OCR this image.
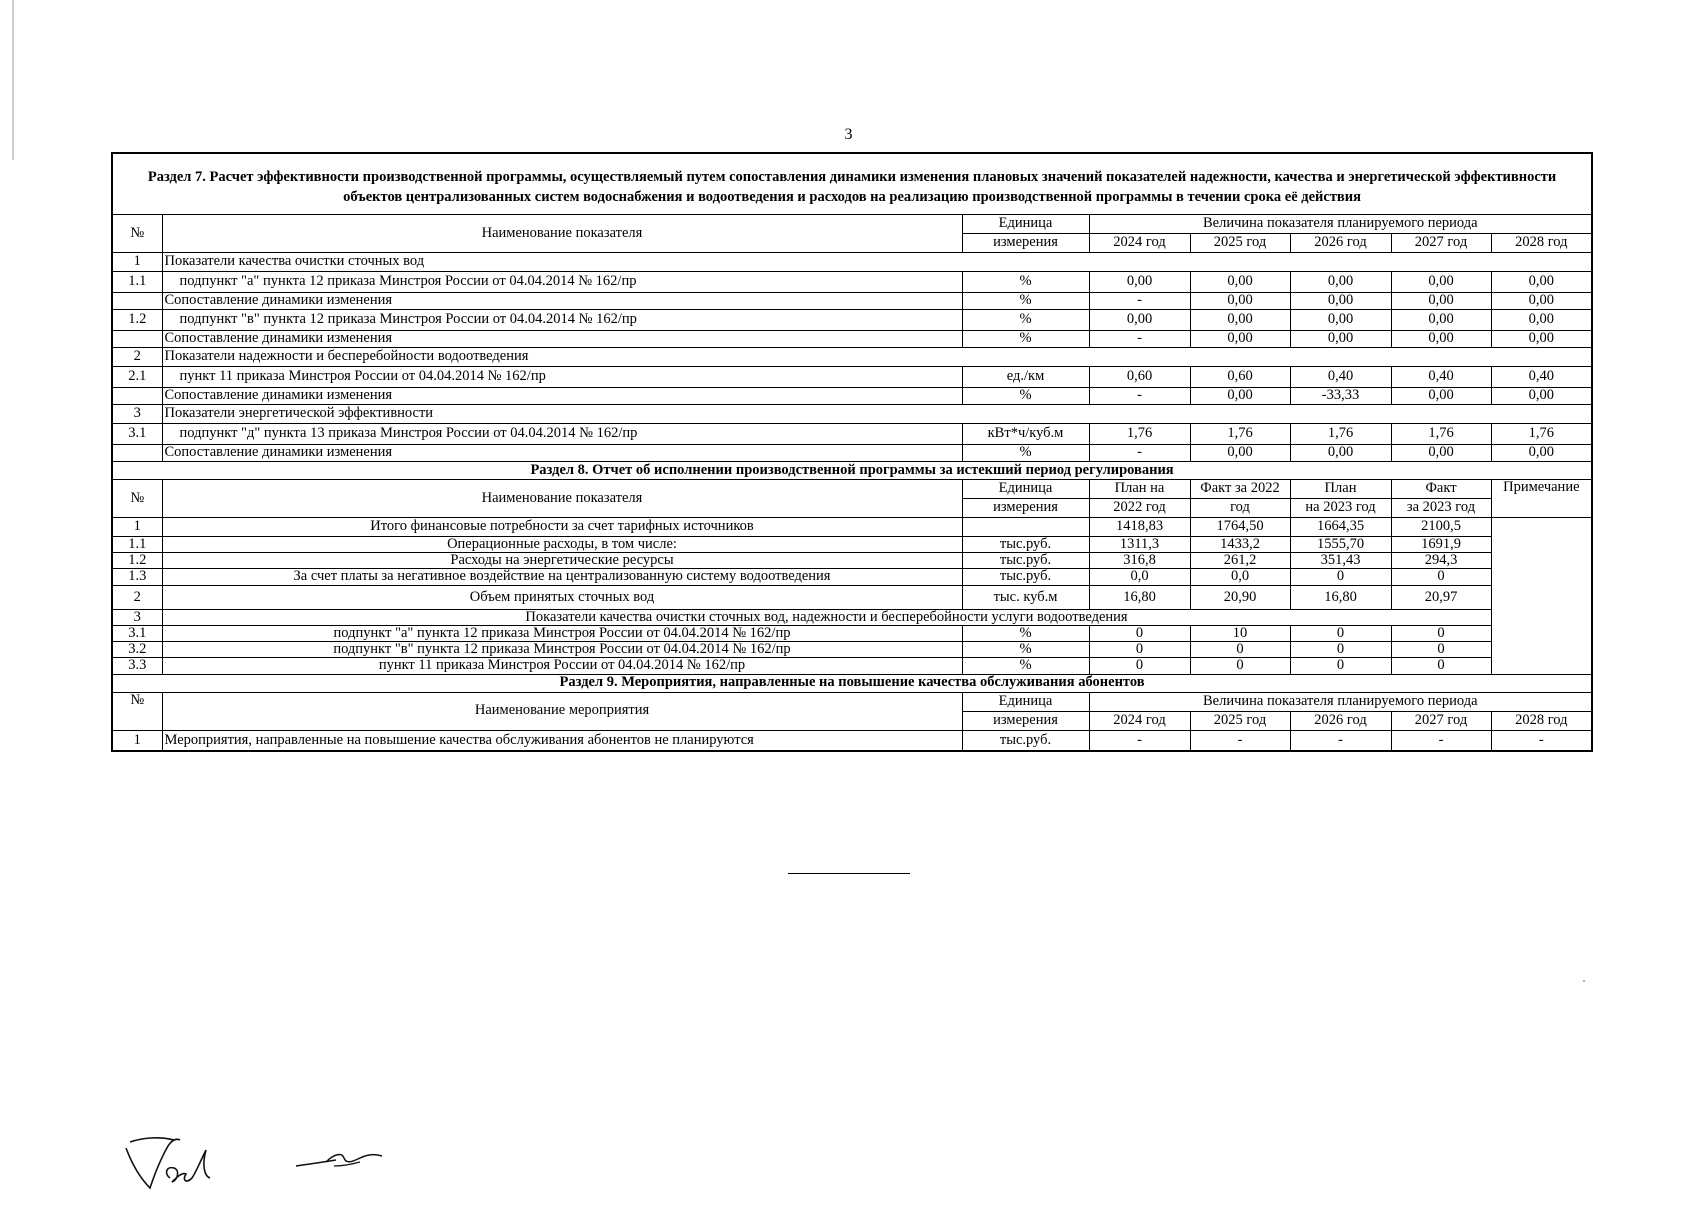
3
Раздел 7. Расчет эффективности производственной программы, осуществляемый путем сопоставления динамики изменения плановых значений показателей надежности, качества и энергетической эффективности объектов централизованных систем водоснабжения и водоотведения и расходов на реализацию производственной программы в течении срока её действия							
№	Наименование показателя	Единица	Величина показателя планируемого периода				
		измерения	2024 год	2025 год	2026 год	2027 год	2028 год
1	Показатели качества очистки сточных вод						
1.1	подпункт "а" пункта 12 приказа Минстроя России от 04.04.2014 № 162/пр	%	0,00	0,00	0,00	0,00	0,00
	Сопоставление динамики изменения	%	-	0,00	0,00	0,00	0,00
1.2	подпункт "в" пункта 12 приказа Минстроя России от 04.04.2014 № 162/пр	%	0,00	0,00	0,00	0,00	0,00
	Сопоставление динамики изменения	%	-	0,00	0,00	0,00	0,00
2	Показатели надежности и бесперебойности водоотведения						
2.1	пункт 11 приказа Минстроя России от 04.04.2014 № 162/пр	ед./км	0,60	0,60	0,40	0,40	0,40
	Сопоставление динамики изменения	%	-	0,00	-33,33	0,00	0,00
3	Показатели энергетической эффективности						
3.1	подпункт "д" пункта 13 приказа Минстроя России от 04.04.2014 № 162/пр	кВт*ч/куб.м	1,76	1,76	1,76	1,76	1,76
	Сопоставление динамики изменения	%	-	0,00	0,00	0,00	0,00
Раздел 8. Отчет об исполнении производственной программы за истекший период регулирования							
№	Наименование показателя	Единица	План на	Факт за 2022	План	Факт	Примечание
		измерения	2022 год	год	на 2023 год	за 2023 год	
1	Итого финансовые потребности за счет тарифных источников		1418,83	1764,50	1664,35	2100,5	
1.1	Операционные расходы, в том числе:	тыс.руб.	1311,3	1433,2	1555,70	1691,9	
1.2	Расходы на энергетические ресурсы	тыс.руб.	316,8	261,2	351,43	294,3	
1.3	За счет платы за негативное воздействие на централизованную систему водоотведения	тыс.руб.	0,0	0,0	0	0	
2	Объем принятых сточных вод	тыс. куб.м	16,80	20,90	16,80	20,97	
3	Показатели качества очистки сточных вод, надежности и бесперебойности услуги водоотведения						
3.1	подпункт "а" пункта 12 приказа Минстроя России от 04.04.2014 № 162/пр	%	0	10	0	0	
3.2	подпункт "в" пункта 12 приказа Минстроя России от 04.04.2014 № 162/пр	%	0	0	0	0	
3.3	пункт 11 приказа Минстроя России от 04.04.2014 № 162/пр	%	0	0	0	0	
Раздел 9. Мероприятия, направленные на повышение качества обслуживания абонентов							
№	Наименование мероприятия	Единица	Величина показателя планируемого периода				
		измерения	2024 год	2025 год	2026 год	2027 год	2028 год
1	Мероприятия, направленные на повышение качества обслуживания абонентов не планируются	тыс.руб.	-	-	-	-	-
